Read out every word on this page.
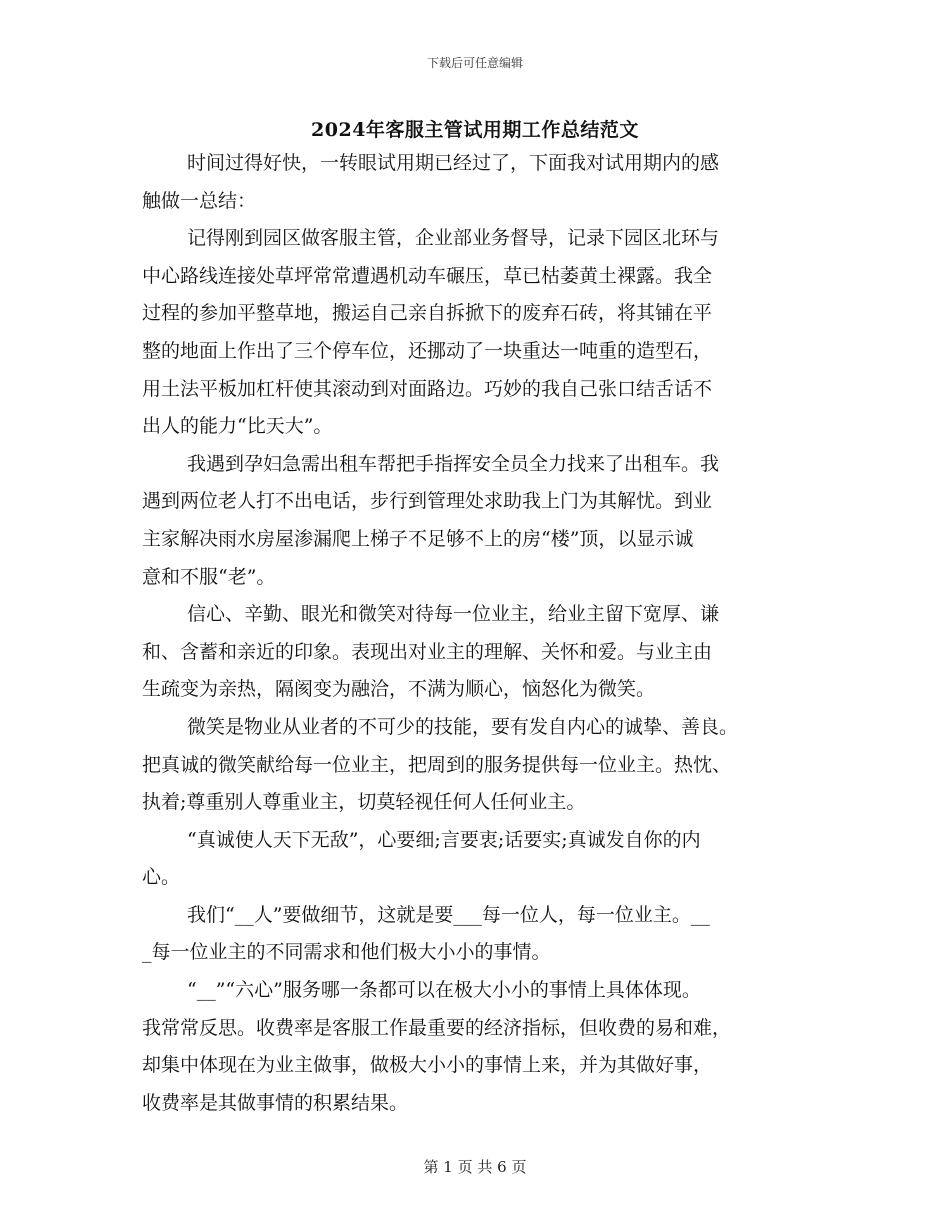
下载后可任意编辑
2024年客服主管试用期工作总结范文
时间过得好快，一转眼试用期已经过了，下面我对试用期内的感
触做一总结：
记得刚到园区做客服主管，企业部业务督导，记录下园区北环与
中心路线连接处草坪常常遭遇机动车碾压，草已枯萎黄土裸露。我全
过程的参加平整草地，搬运自己亲自拆掀下的废弃石砖，将其铺在平
整的地面上作出了三个停车位，还挪动了一块重达一吨重的造型石，
用土法平板加杠杆使其滚动到对面路边。巧妙的我自己张口结舌话不
出人的能力“比天大”。
我遇到孕妇急需出租车帮把手指挥安全员全力找来了出租车。我
遇到两位老人打不出电话，步行到管理处求助我上门为其解忧。到业
主家解决雨水房屋渗漏爬上梯子不足够不上的房“楼”顶，以显示诚
意和不服“老”。
信心、辛勤、眼光和微笑对待每一位业主，给业主留下宽厚、谦
和、含蓄和亲近的印象。表现出对业主的理解、关怀和爱。与业主由
生疏变为亲热，隔阂变为融洽，不满为顺心，恼怒化为微笑。
微笑是物业从业者的不可少的技能，要有发自内心的诚挚、善良。
把真诚的微笑献给每一位业主，把周到的服务提供每一位业主。热忱、
执着;尊重别人尊重业主，切莫轻视任何人任何业主。
“真诚使人天下无敌”，心要细;言要衷;话要实;真诚发自你的内
心。
我们“__人”要做细节，这就是要___每一位人，每一位业主。__
_每一位业主的不同需求和他们极大小小的事情。
“__”“六心”服务哪一条都可以在极大小小的事情上具体体现。
我常常反思。收费率是客服工作最重要的经济指标，但收费的易和难，
却集中体现在为业主做事，做极大小小的事情上来，并为其做好事，
收费率是其做事情的积累结果。
第 1 页 共 6 页
